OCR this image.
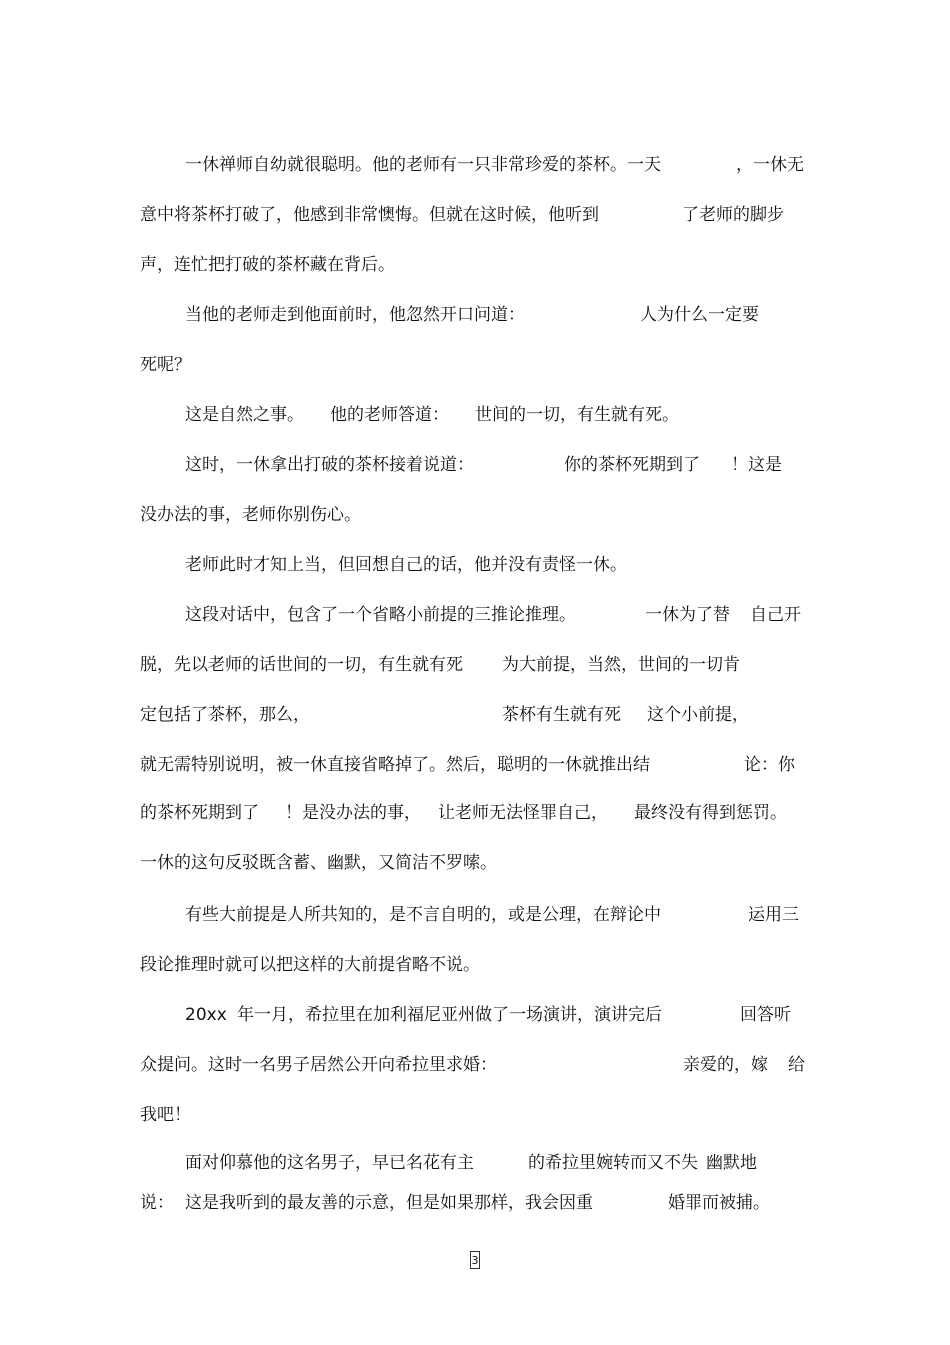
一休禅师自幼就很聪明。他的老师有一只非常珍爱的茶杯。一天	，一休无
意中将茶杯打破了，他感到非常懊悔。但就在这时候，他听到	了老师的脚步
声，连忙把打破的茶杯藏在背后。
当他的老师走到他面前时，他忽然开口问道：	人为什么一定要
死呢？
这是自然之事。 他的老师答道： 世间的一切，有生就有死。
这时，一休拿出打破的茶杯接着说道：	你的茶杯死期到了 ！这是
没办法的事，老师你别伤心。
老师此时才知上当，但回想自己的话，他并没有责怪一休。
这段对话中，包含了一个省略小前提的三推论推理。	一休为了替 自己开
脱，先以老师的话 世间的一切，有生就有死 为大前提，当然，世间的一切肯
定包括了茶杯，那么，	茶杯有生就有死 这个小前提，
就无需特别说明，被一休直接省略掉了。然后，聪明的一休就推出结	论：你
的茶杯死期到了 ！是没办法的事， 让老师无法怪罪自己， 最终没有得到惩罚。
一休的这句反驳既含蓄、幽默，又简洁不罗嗦。
有些大前提是人所共知的，是不言自明的，或是公理，在辩论中	运用三
段论推理时就可以把这样的大前提省略不说。
20xx 年一月，希拉里在加利福尼亚州做了一场演讲，演讲完后	回答听
众提问。这时一名男子居然公开向希拉里求婚：	亲爱的，嫁 给
我吧！
面对仰慕他的这名男子，早已名花有主	的希拉里婉转而又不失 幽默地
说： 这是我听到的最友善的示意，但是如果那样，我会因重	婚罪而被捕。
3
